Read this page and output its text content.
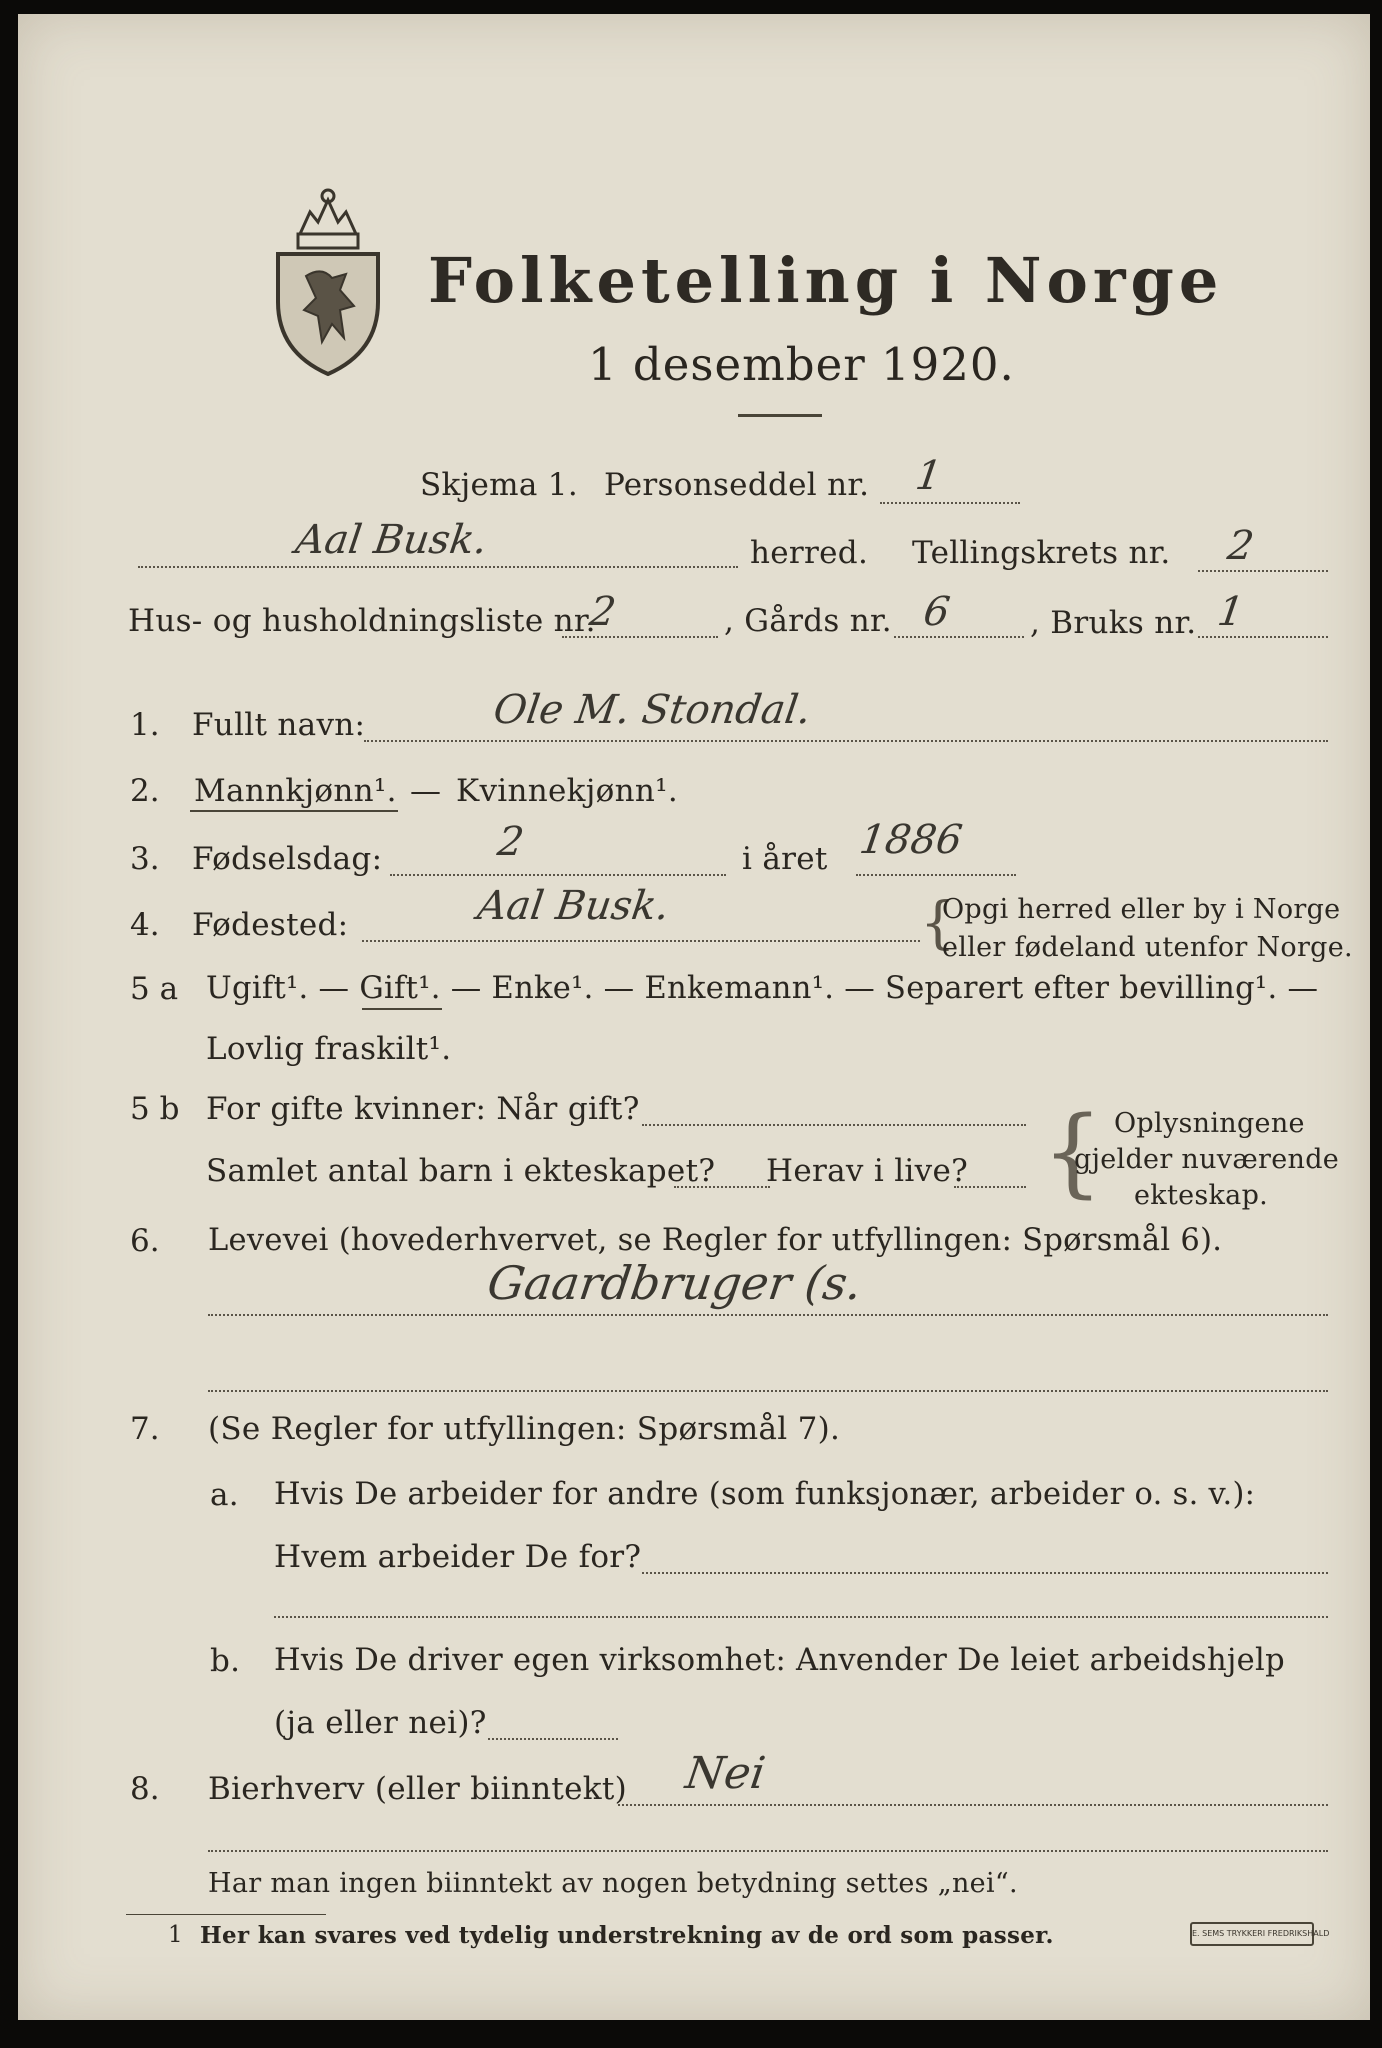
Folketelling i Norge
1 desember 1920.
Skjema 1. Personseddel nr. 1
Aal Busk.	herred. Tellingskrets nr. 2
Hus- og husholdningsliste nr.
2	, Gårds nr. 6 , Bruks nr. 1
1. Fullt navn:	Ole M. Stondal.
2. Mannkjønn¹. — Kvinnekjønn¹.
3. Fødselsdag:	2	i året 1886
4. Fødested:	Aal Busk.	{
Opgi herred eller by i Norge
eller fødeland utenfor Norge.
5 a Ugift¹. — Gift¹. — Enke¹. — Enkemann¹. — Separert efter bevilling¹. —
Lovlig fraskilt¹.
5 b For gifte kvinner: Når gift?
Samlet antal barn i ekteskapet? Herav i live? { Oplysningene
gjelder nuværende
ekteskap.
6. Levevei (hovederhvervet, se Regler for utfyllingen: Spørsmål 6).
Gaardbruger (s.
7. (Se Regler for utfyllingen: Spørsmål 7).
a. Hvis De arbeider for andre (som funksjonær, arbeider o. s. v.):
Hvem arbeider De for?
b. Hvis De driver egen virksomhet: Anvender De leiet arbeidshjelp
(ja eller nei)?
8. Bierhverv (eller biinntekt) Nei
Har man ingen biinntekt av nogen betydning settes „nei“.
1 Her kan svares ved tydelig understrekning av de ord som passer.	E. SEMS TRYKKERI FREDRIKSHALD
